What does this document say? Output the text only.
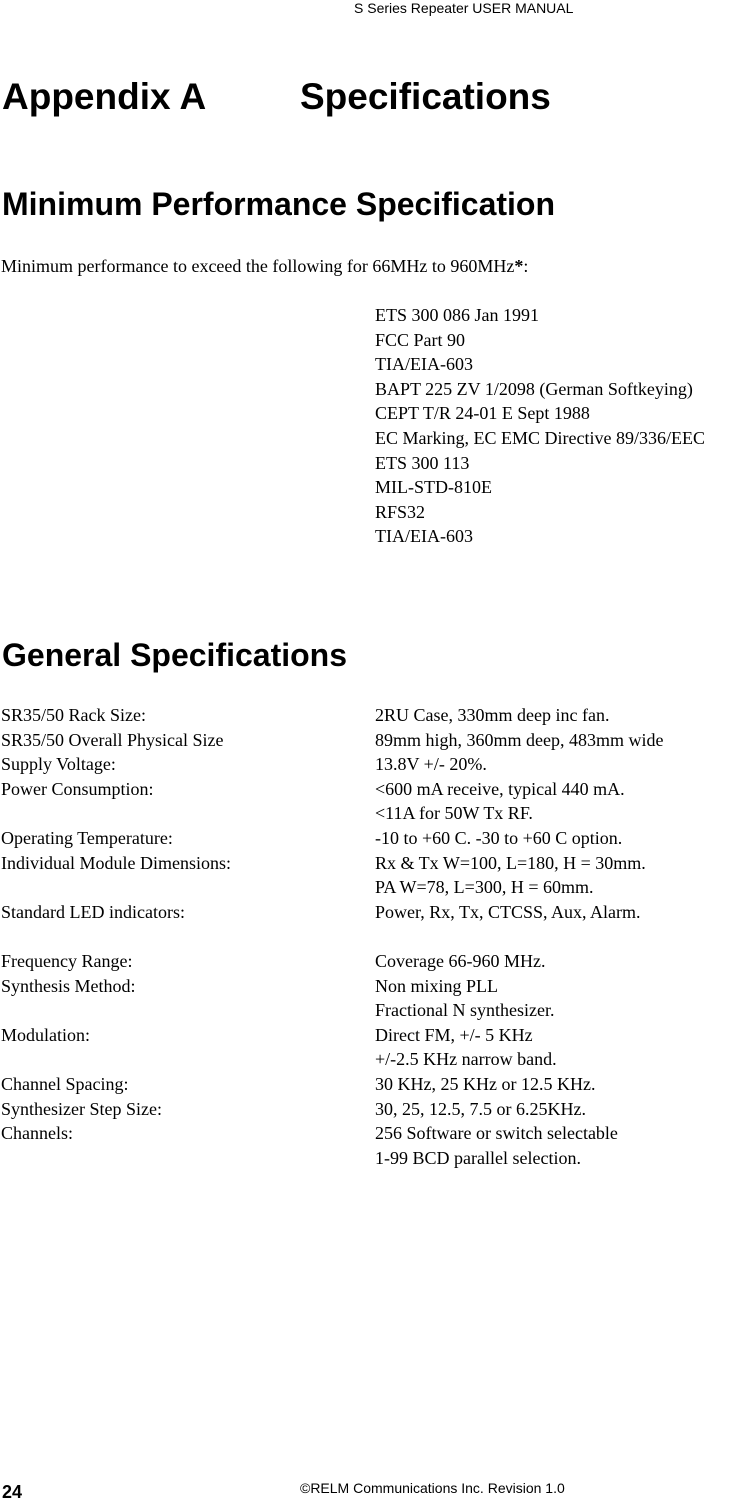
S Series Repeater USER MANUAL
Appendix A	Specifications
Minimum Performance Specification
Minimum performance to exceed the following for 66MHz to 960MHz*:
ETS 300 086 Jan 1991
FCC Part 90
TIA/EIA-603
BAPT 225 ZV 1/2098 (German Softkeying)
CEPT T/R 24-01 E Sept 1988
EC Marking, EC EMC Directive 89/336/EEC
ETS 300 113
MIL-STD-810E
RFS32
TIA/EIA-603
General Specifications
SR35/50 Rack Size:	2RU Case, 330mm deep inc fan.
SR35/50 Overall Physical Size	89mm high, 360mm deep, 483mm wide
Supply Voltage:	13.8V +/- 20%.
Power Consumption:	<600 mA receive, typical 440 mA.
<11A for 50W Tx RF.
Operating Temperature:	-10 to +60 C. -30 to +60 C option.
Individual Module Dimensions:	Rx & Tx W=100, L=180, H = 30mm.
PA W=78, L=300, H = 60mm.
Standard LED indicators:	Power, Rx, Tx, CTCSS, Aux, Alarm.
Frequency Range:	Coverage 66-960 MHz.
Synthesis Method:	Non mixing PLL
Fractional N synthesizer.
Modulation:	Direct FM, +/- 5 KHz
+/-2.5 KHz narrow band.
Channel Spacing:	30 KHz, 25 KHz or 12.5 KHz.
Synthesizer Step Size:	30, 25, 12.5, 7.5 or 6.25KHz.
Channels:	256 Software or switch selectable
1-99 BCD parallel selection.
24	©RELM Communications Inc. Revision 1.0
